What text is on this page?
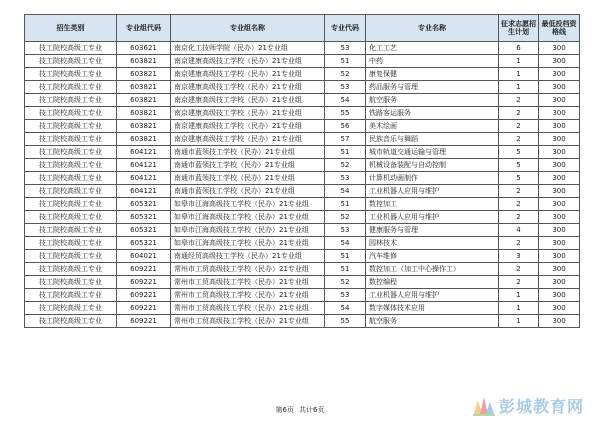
招生类别	专业组代码	专业组名称	专业代码	专业名称	征求志愿招生计划	最低投档资格线
技工院校高级工专业	603621	南京化工技师学院（民办）21专业组	53	化工工艺	6	300
技工院校高级工专业	603821	南京建康高级技工学校（民办）21专业组	51	中药	1	300
技工院校高级工专业	603821	南京建康高级技工学校（民办）21专业组	52	康复保健	1	300
技工院校高级工专业	603821	南京建康高级技工学校（民办）21专业组	53	药品服务与管理	1	300
技工院校高级工专业	603821	南京建康高级技工学校（民办）21专业组	54	航空服务	2	300
技工院校高级工专业	603821	南京建康高级技工学校（民办）21专业组	55	铁路客运服务	2	300
技工院校高级工专业	603821	南京建康高级技工学校（民办）21专业组	56	美术绘画	2	300
技工院校高级工专业	603821	南京建康高级技工学校（民办）21专业组	57	民族音乐与舞蹈	2	300
技工院校高级工专业	604121	南通市蓝领技工学校（民办）21专业组	51	城市轨道交通运输与管理	5	300
技工院校高级工专业	604121	南通市蓝领技工学校（民办）21专业组	52	机械设备装配与自动控制	5	300
技工院校高级工专业	604121	南通市蓝领技工学校（民办）21专业组	53	计算机动画制作	5	300
技工院校高级工专业	604121	南通市蓝领技工学校（民办）21专业组	54	工业机器人应用与维护	2	300
技工院校高级工专业	605321	如皋市江海高级技工学校（民办）21专业组	51	数控加工	2	300
技工院校高级工专业	605321	如皋市江海高级技工学校（民办）21专业组	52	工业机器人应用与维护	2	300
技工院校高级工专业	605321	如皋市江海高级技工学校（民办）21专业组	53	健康服务与管理	4	300
技工院校高级工专业	605321	如皋市江海高级技工学校（民办）21专业组	54	园林技术	2	300
技工院校高级工专业	604021	南通经贸高级技工学校（民办）21专业组	51	汽车维修	3	300
技工院校高级工专业	609221	常州市工贸高级技工学校（民办）21专业组	51	数控加工（加工中心操作工）	2	300
技工院校高级工专业	609221	常州市工贸高级技工学校（民办）21专业组	52	数控编程	2	300
技工院校高级工专业	609221	常州市工贸高级技工学校（民办）21专业组	53	工业机器人应用与维护	1	300
技工院校高级工专业	609221	常州市工贸高级技工学校（民办）21专业组	54	数字媒体技术应用	1	300
技工院校高级工专业	609221	常州市工贸高级技工学校（民办）21专业组	55	航空服务	1	300
第6页 共计6页	彭城教育网
